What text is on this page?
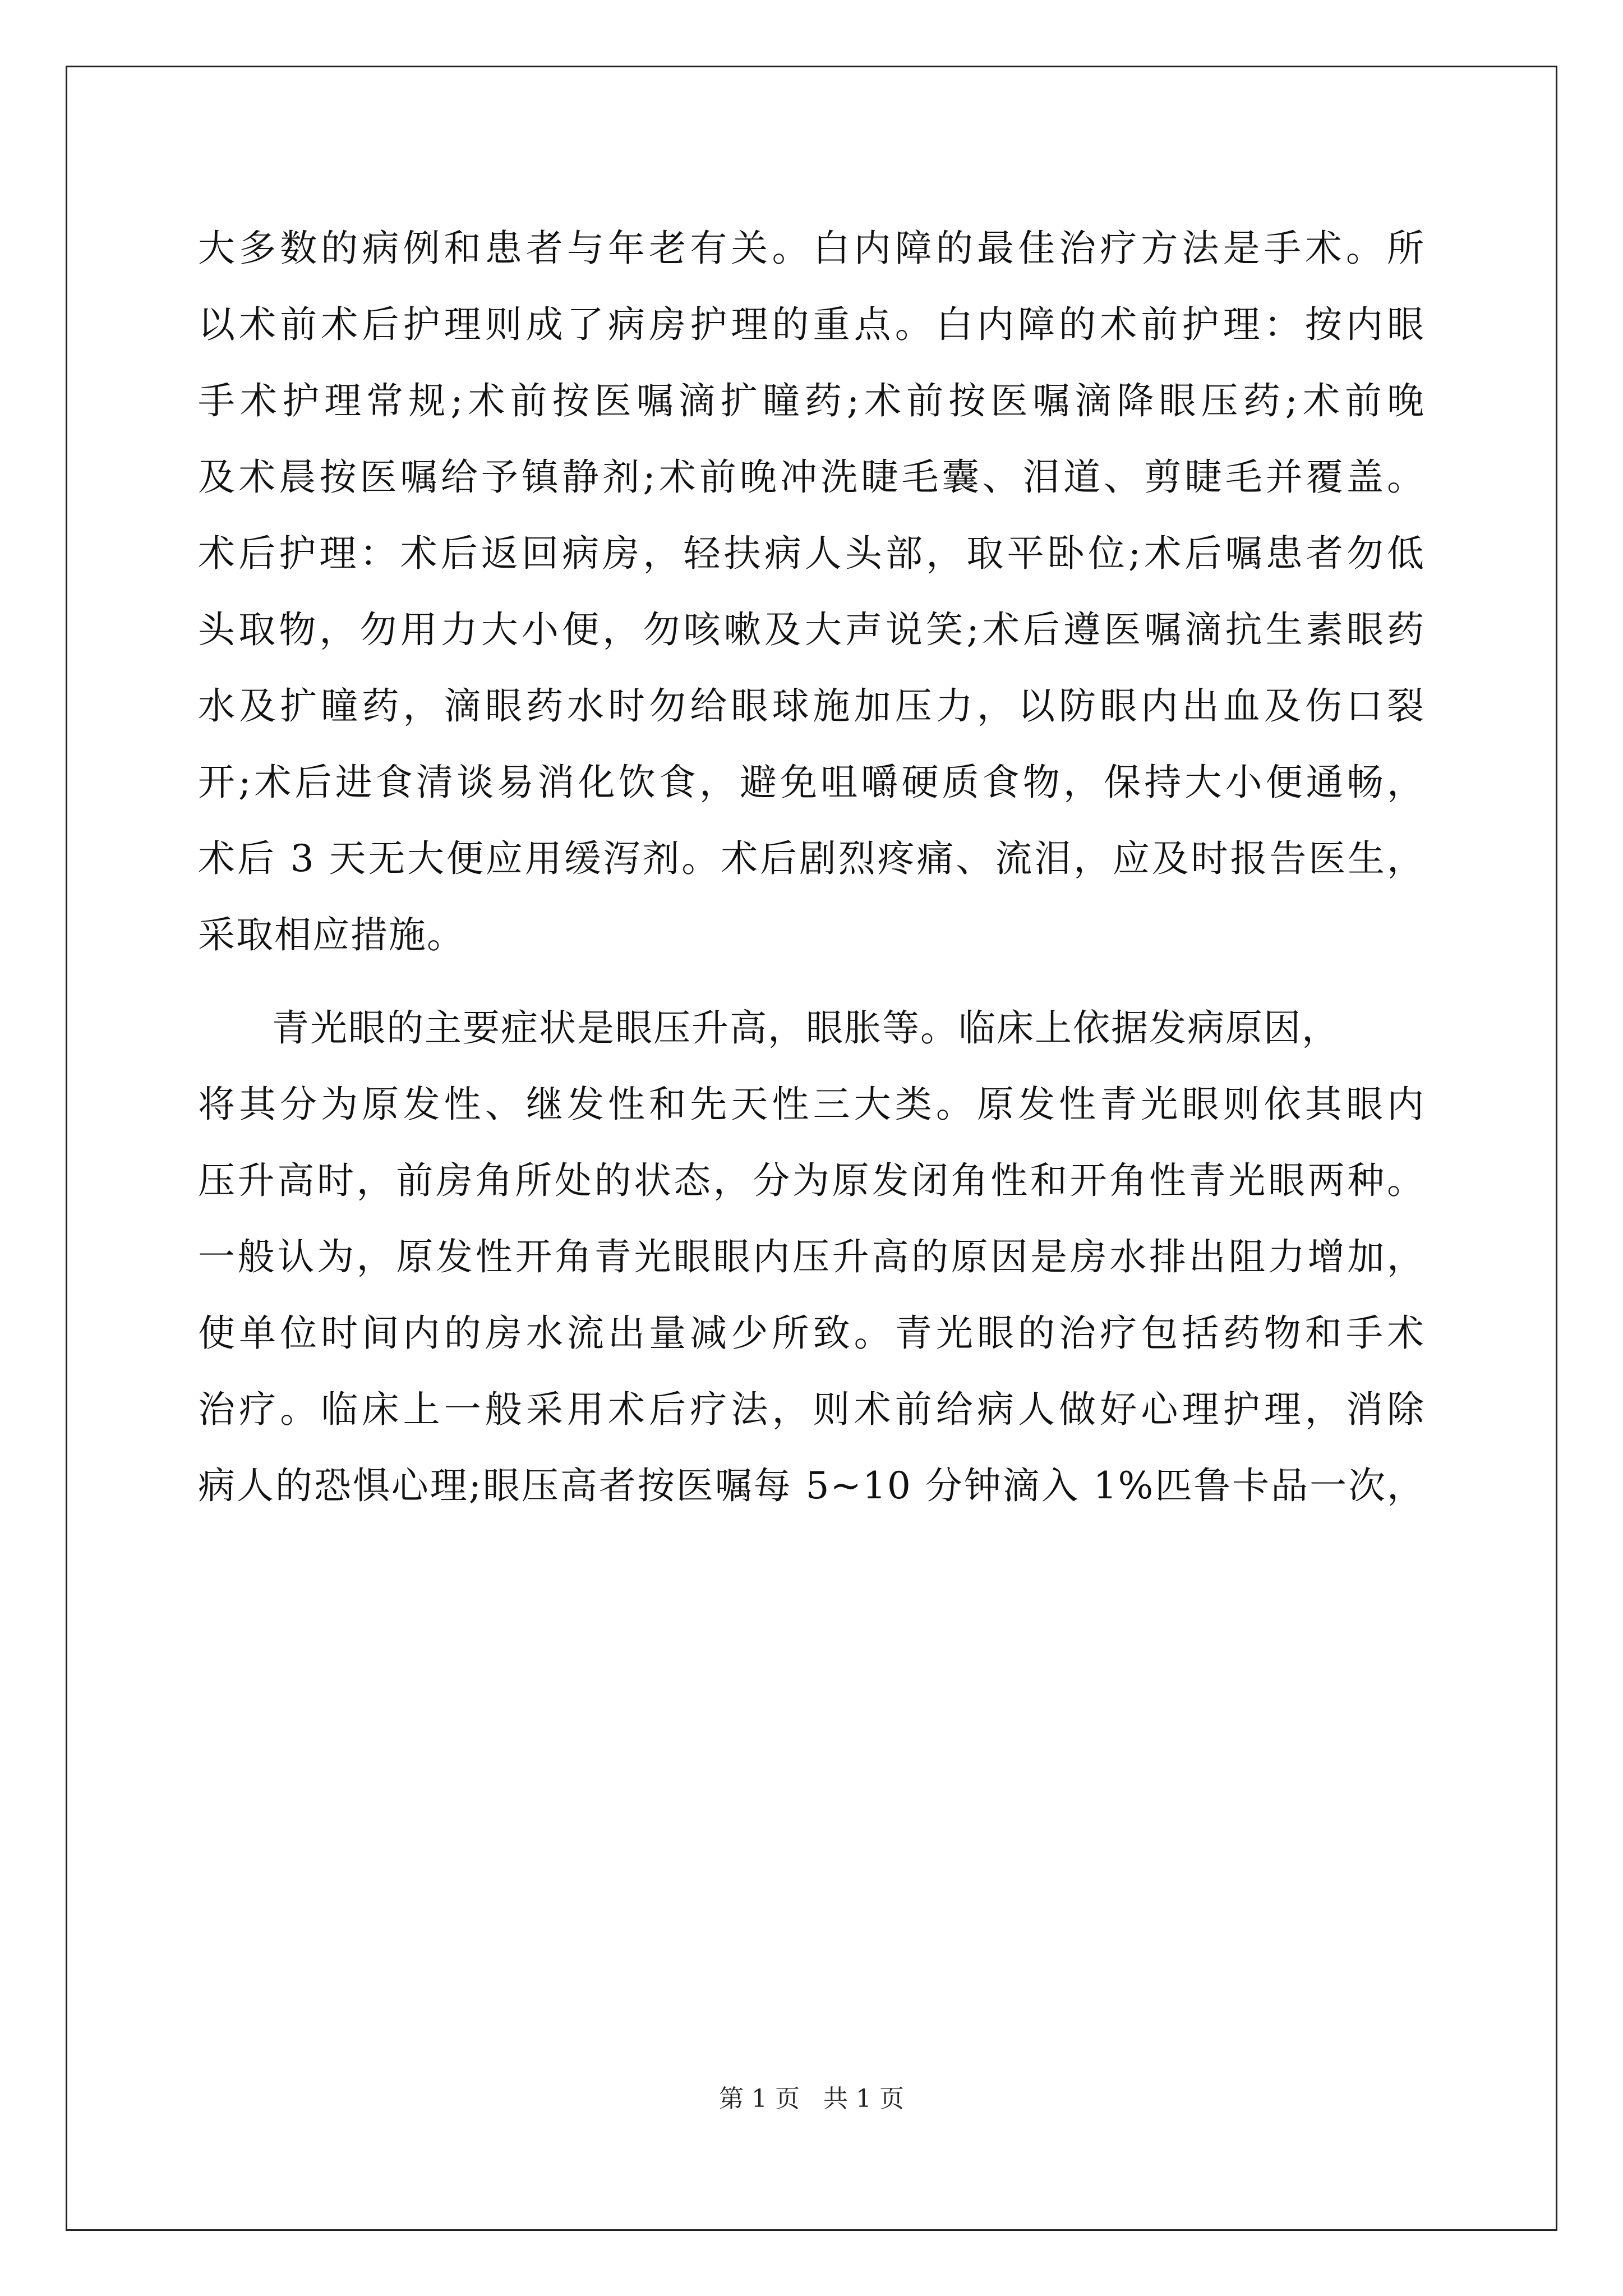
大多数的病例和患者与年老有关。白内障的最佳治疗方法是手术。所
以术前术后护理则成了病房护理的重点。白内障的术前护理：按内眼
手术护理常规;术前按医嘱滴扩瞳药;术前按医嘱滴降眼压药;术前晚
及术晨按医嘱给予镇静剂;术前晚冲洗睫毛囊、泪道、剪睫毛并覆盖。
术后护理：术后返回病房，轻扶病人头部，取平卧位;术后嘱患者勿低
头取物，勿用力大小便，勿咳嗽及大声说笑;术后遵医嘱滴抗生素眼药
水及扩瞳药，滴眼药水时勿给眼球施加压力，以防眼内出血及伤口裂
开;术后进食清谈易消化饮食，避免咀嚼硬质食物，保持大小便通畅，
术后 3 天无大便应用缓泻剂。术后剧烈疼痛、流泪，应及时报告医生，
采取相应措施。
青光眼的主要症状是眼压升高，眼胀等。临床上依据发病原因，
将其分为原发性、继发性和先天性三大类。原发性青光眼则依其眼内
压升高时，前房角所处的状态，分为原发闭角性和开角性青光眼两种。
一般认为，原发性开角青光眼眼内压升高的原因是房水排出阻力增加，
使单位时间内的房水流出量减少所致。青光眼的治疗包括药物和手术
治疗。临床上一般采用术后疗法，则术前给病人做好心理护理，消除
病人的恐惧心理;眼压高者按医嘱每 5~10 分钟滴入 1%匹鲁卡品一次，
第 1 页 共 1 页
